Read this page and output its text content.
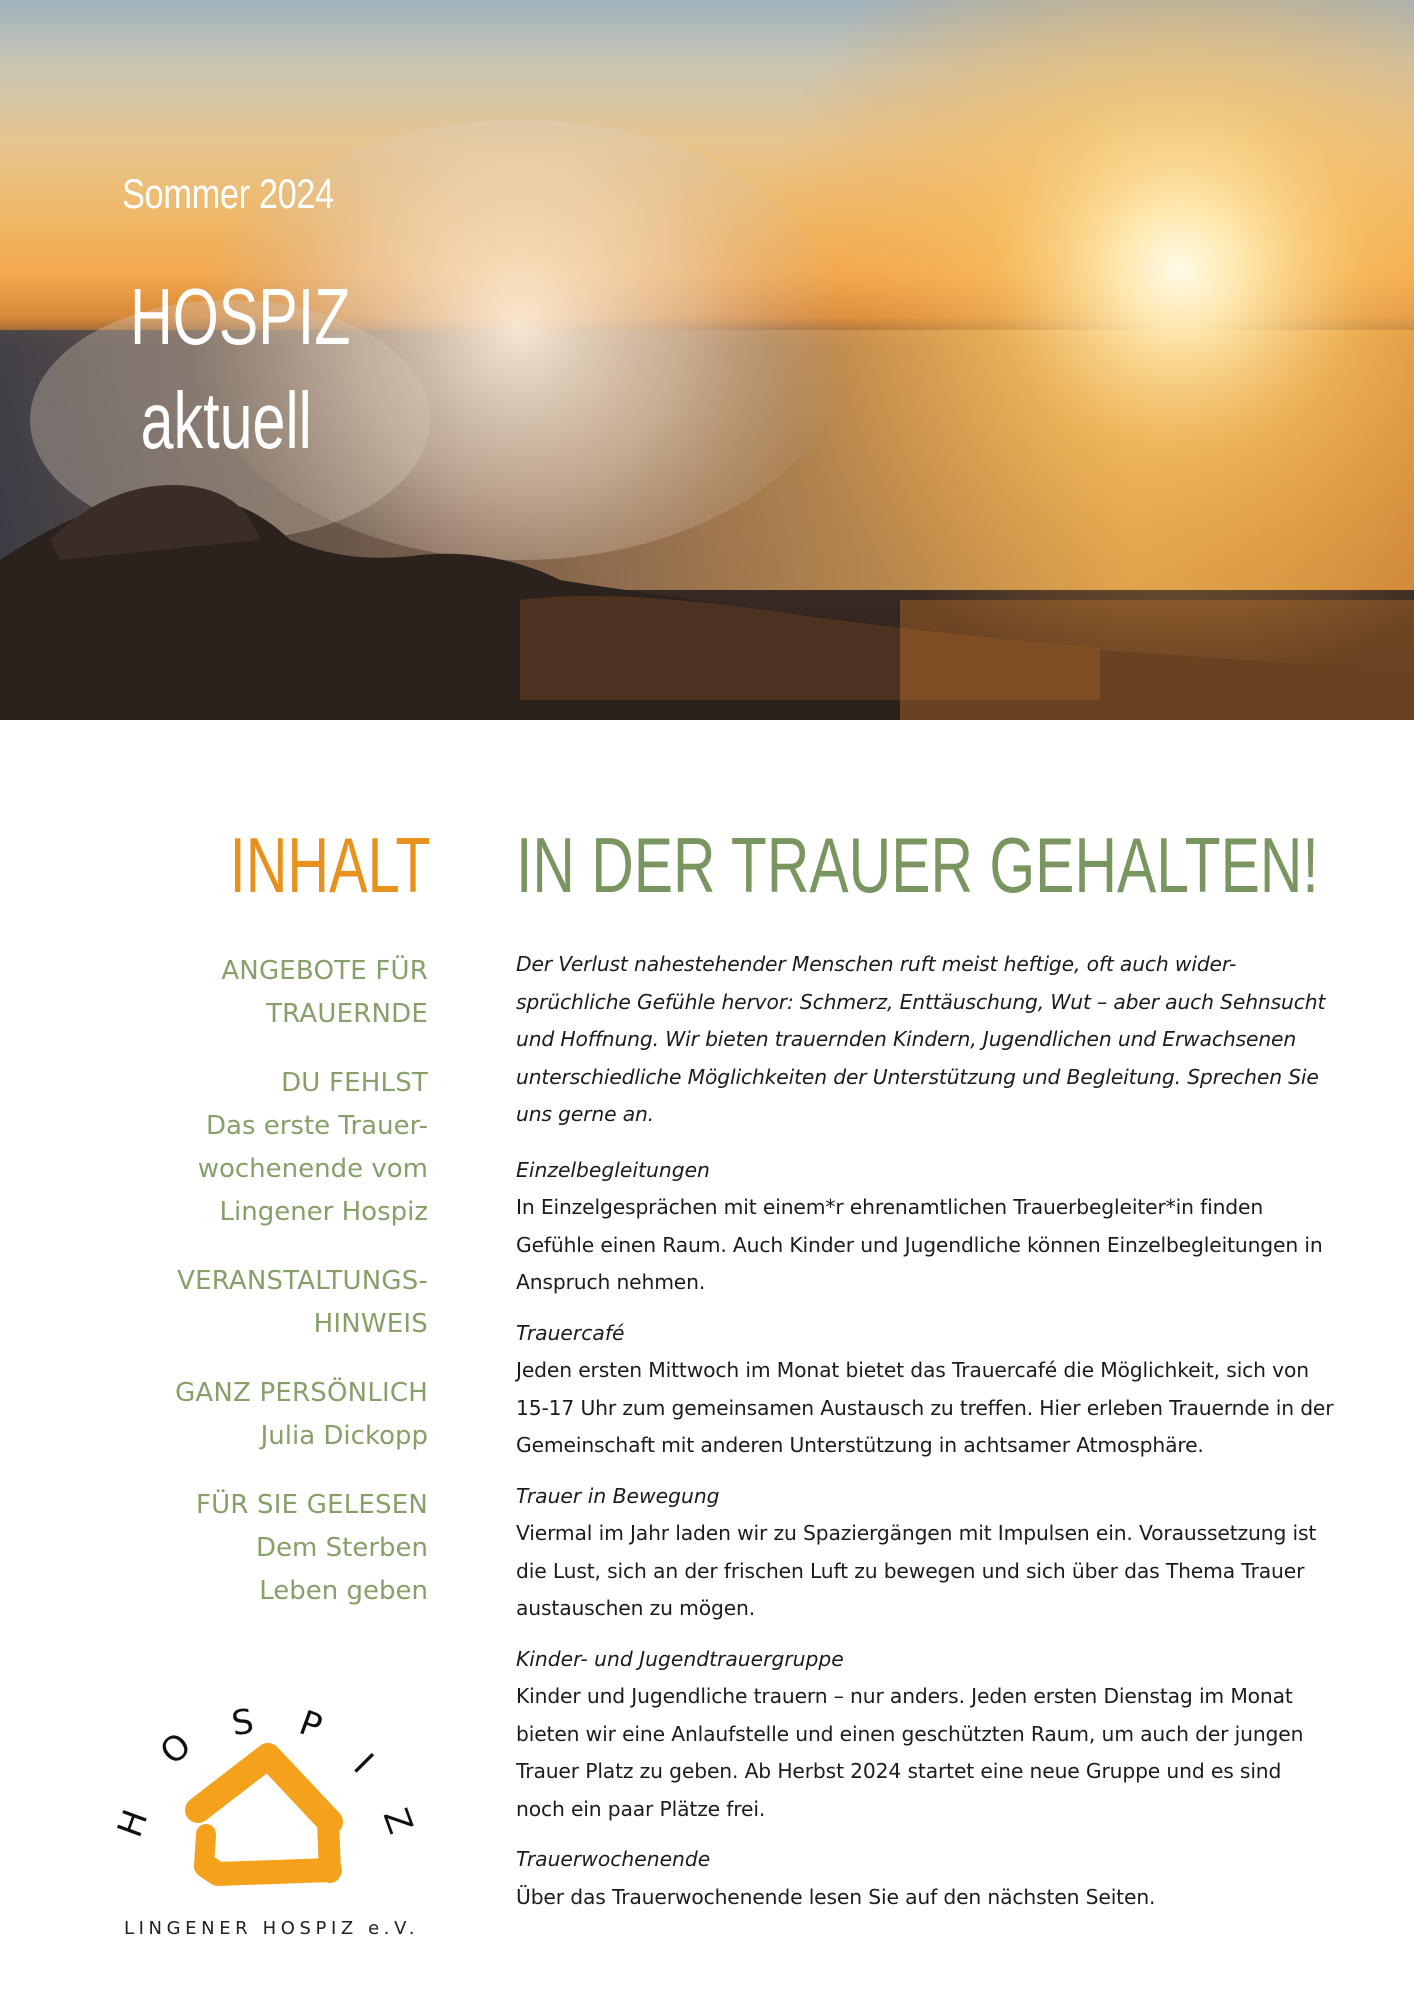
Sommer 2024
HOSPIZ
aktuell
INHALT
ANGEBOTE FÜR
TRAUERNDE
DU FEHLST
Das erste Trauer-
wochenende vom
Lingener Hospiz
VERANSTALTUNGS-
HINWEIS
GANZ PERSÖNLICH
Julia Dickopp
FÜR SIE GELESEN
Dem Sterben
Leben geben
H
O
S P
I
Z
LINGENER HOSPIZ e.V.
IN DER TRAUER GEHALTEN!

Der Verlust nahestehender Menschen ruft meist heftige, oft auch wider-
sprüchliche Gefühle hervor: Schmerz, Enttäuschung, Wut – aber auch Sehnsucht
und Hoffnung. Wir bieten trauernden Kindern, Jugendlichen und Erwachsenen
unterschiedliche Möglichkeiten der Unterstützung und Begleitung. Sprechen Sie
uns gerne an.

Einzelbegleitungen

In Einzelgesprächen mit einem*r ehrenamtlichen Trauerbegleiter*in finden
Gefühle einen Raum. Auch Kinder und Jugendliche können Einzelbegleitungen in
Anspruch nehmen.

Trauercafé

Jeden ersten Mittwoch im Monat bietet das Trauercafé die Möglichkeit, sich von
15-17 Uhr zum gemeinsamen Austausch zu treffen. Hier erleben Trauernde in der
Gemeinschaft mit anderen Unterstützung in achtsamer Atmosphäre.

Trauer in Bewegung

Viermal im Jahr laden wir zu Spaziergängen mit Impulsen ein. Voraussetzung ist
die Lust, sich an der frischen Luft zu bewegen und sich über das Thema Trauer
austauschen zu mögen.

Kinder- und Jugendtrauergruppe

Kinder und Jugendliche trauern – nur anders. Jeden ersten Dienstag im Monat
bieten wir eine Anlaufstelle und einen geschützten Raum, um auch der jungen
Trauer Platz zu geben. Ab Herbst 2024 startet eine neue Gruppe und es sind
noch ein paar Plätze frei.

Trauerwochenende

Über das Trauerwochenende lesen Sie auf den nächsten Seiten.
